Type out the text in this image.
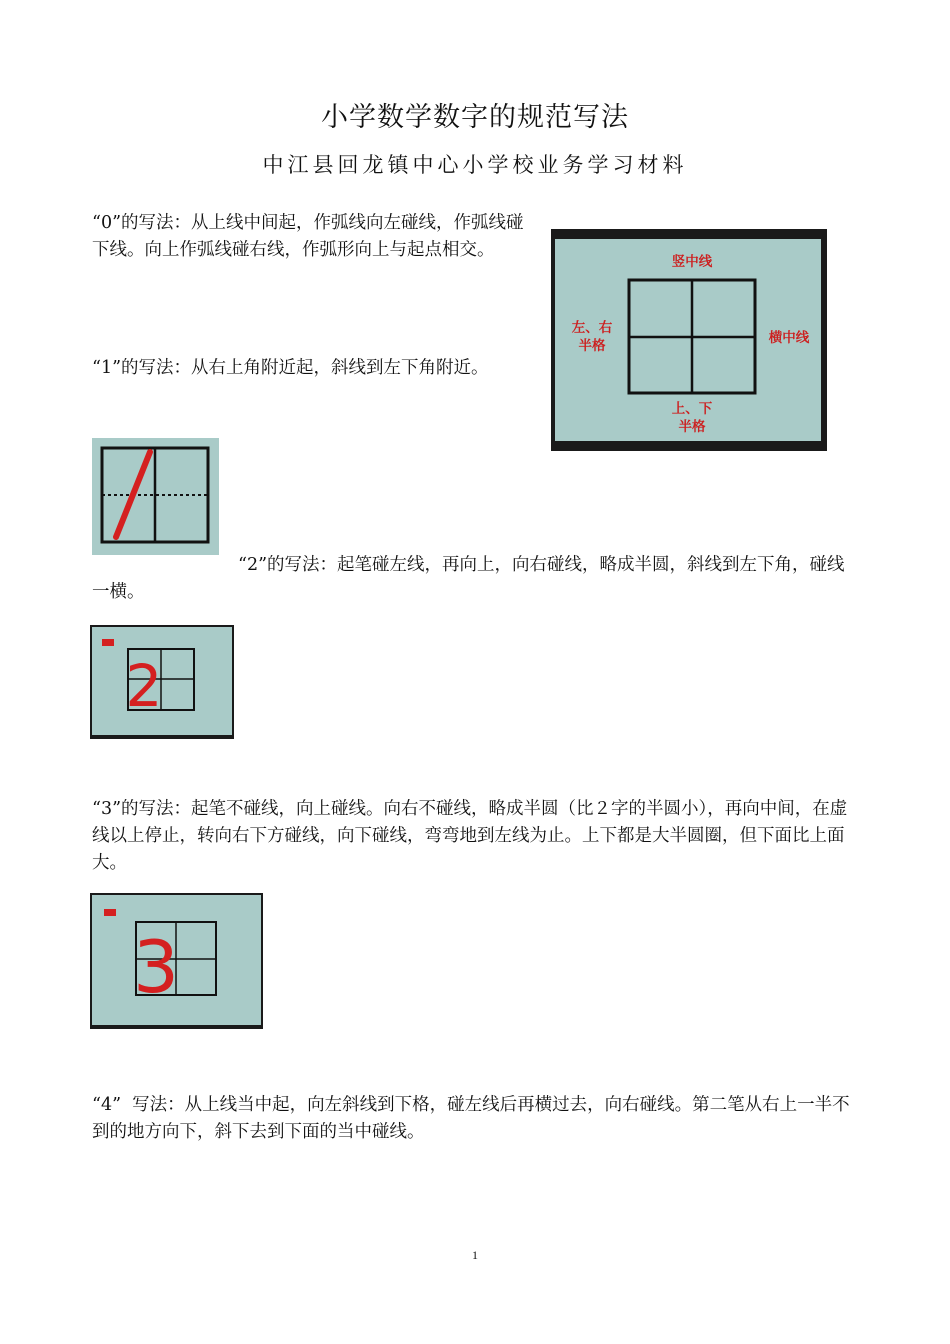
小学数学数字的规范写法
中江县回龙镇中心小学校业务学习材料

“0”的写法：从上线中间起，作弧线向左碰线，作弧线碰下线。向上作弧线碰右线，作弧形向上与起点相交。

“1”的写法：从右上角附近起，斜线到左下角附近。

竖中线
左、右
半格	横中线
上、下
半格

“2”的写法：起笔碰左线，再向上，向右碰线，略成半圆，斜线到左下角，碰线一横。

2

“3”的写法：起笔不碰线，向上碰线。向右不碰线，略成半圆（比２字的半圆小），再向中间，在虚线以上停止，转向右下方碰线，向下碰线，弯弯地到左线为止。上下都是大半圆圈，但下面比上面大。

3

“4”  写法：从上线当中起，向左斜线到下格，碰左线后再横过去，向右碰线。第二笔从右上一半不到的地方向下，斜下去到下面的当中碰线。

1
